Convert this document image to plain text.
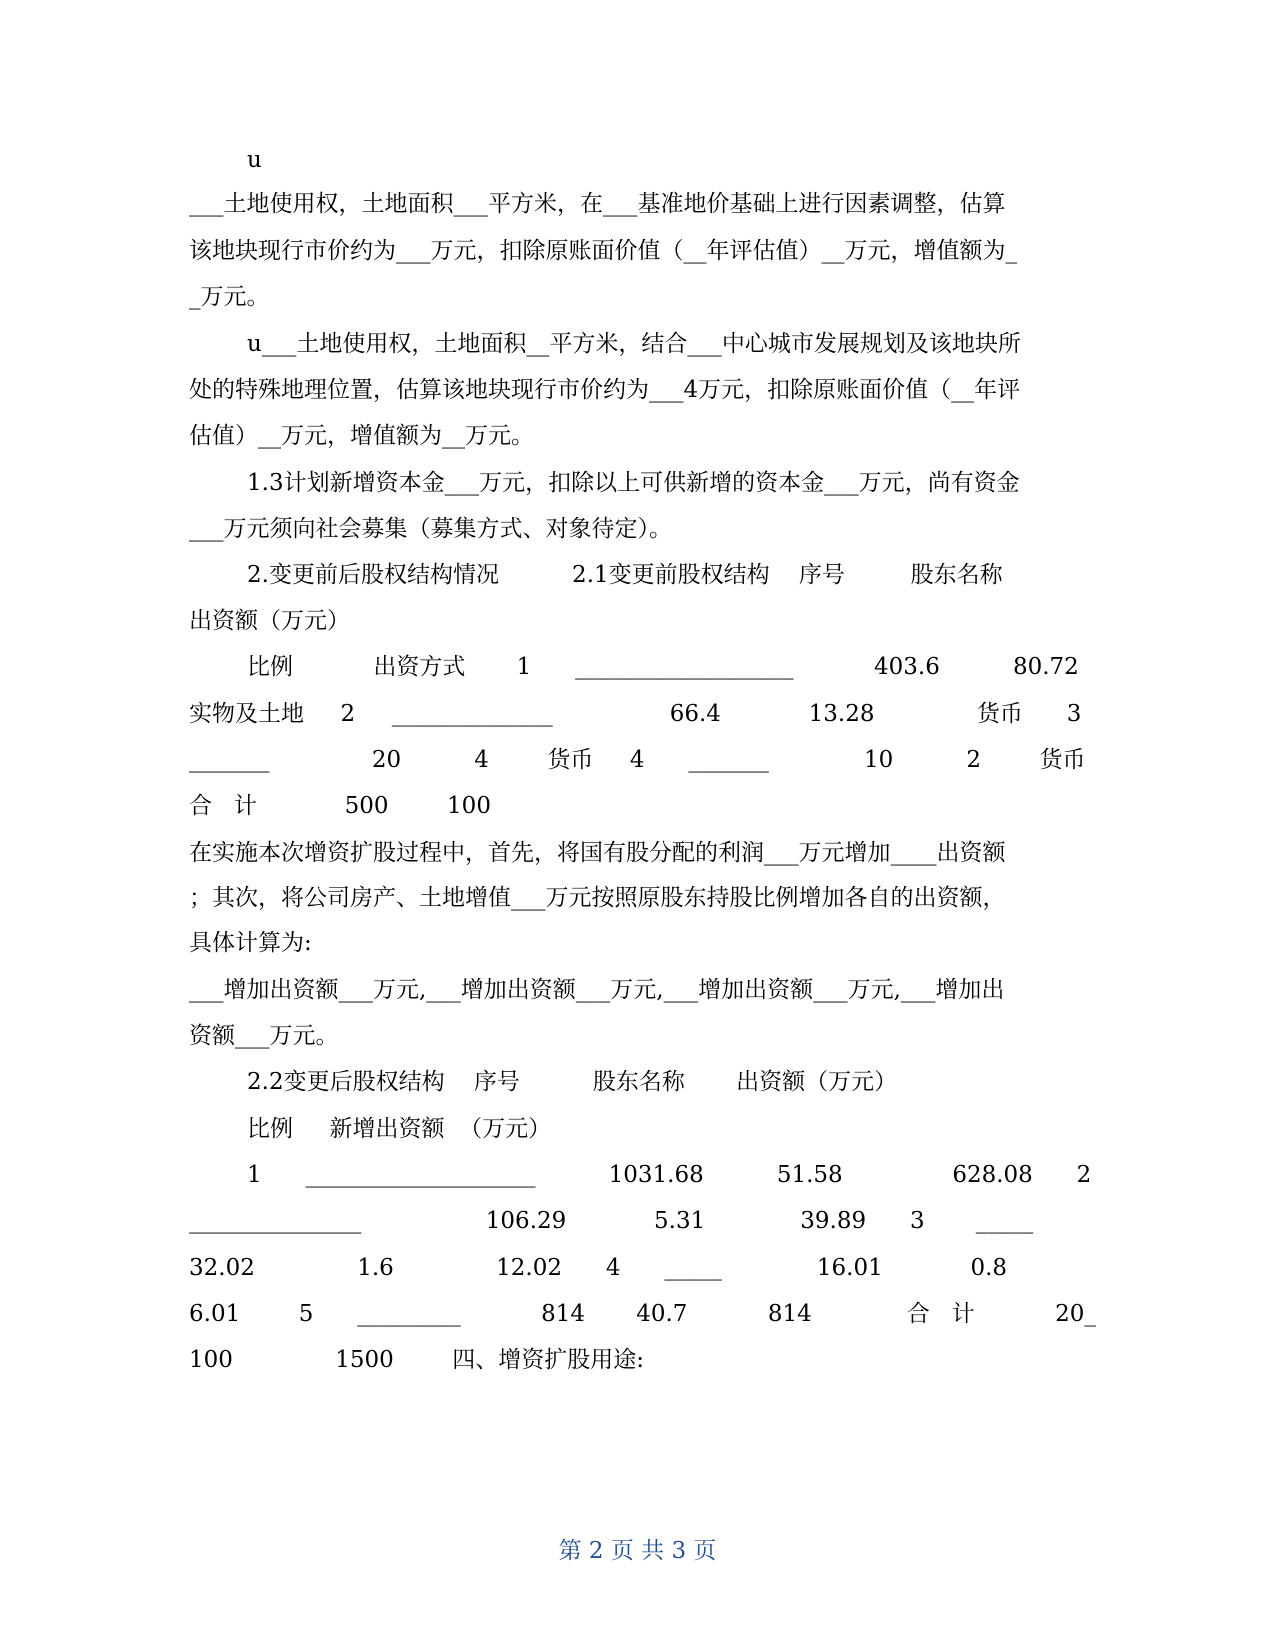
u

___土地使用权，土地面积___平方米，在___基准地价基础上进行因素调整，估算

该地块现行市价约为___万元，扣除原账面价值（__年评估值）__万元，增值额为_

_万元。

u___土地使用权，土地面积__平方米，结合___中心城市发展规划及该地块所

处的特殊地理位置，估算该地块现行市价约为___4万元，扣除原账面价值（__年评

估值）__万元，增值额为__万元。

1.3计划新增资本金___万元，扣除以上可供新增的资本金___万元，尚有资金

___万元须向社会募集（募集方式、对象待定）。

2.变更前后股权结构情况          2.1变更前股权结构    序号         股东名称

出资额（万元）

比例           出资方式       1      ___________________           403.6          80.72

实物及土地     2     ______________                66.4            13.28              货币      3

_______              20          4        货币     4      _______             10          2        货币

合   计            500        100

在实施本次增资扩股过程中，首先，将国有股分配的利润___万元增加____出资额

；其次，将公司房产、土地增值___万元按照原股东持股比例增加各自的出资额，

具体计算为:

___增加出资额___万元,___增加出资额___万元,___增加出资额___万元,___增加出

资额___万元。

2.2变更后股权结构    序号          股东名称       出资额（万元）

比例     新增出资额  （万元）

1      ____________________          1031.68          51.58               628.08      2

_______________                 106.29            5.31             39.89      3       _____

32.02              1.6              12.02      4      _____             16.01            0.8

6.01        5      _________           814       40.7           814             合   计           20_

100              1500        四、增资扩股用途:

第 2 页 共 3 页
